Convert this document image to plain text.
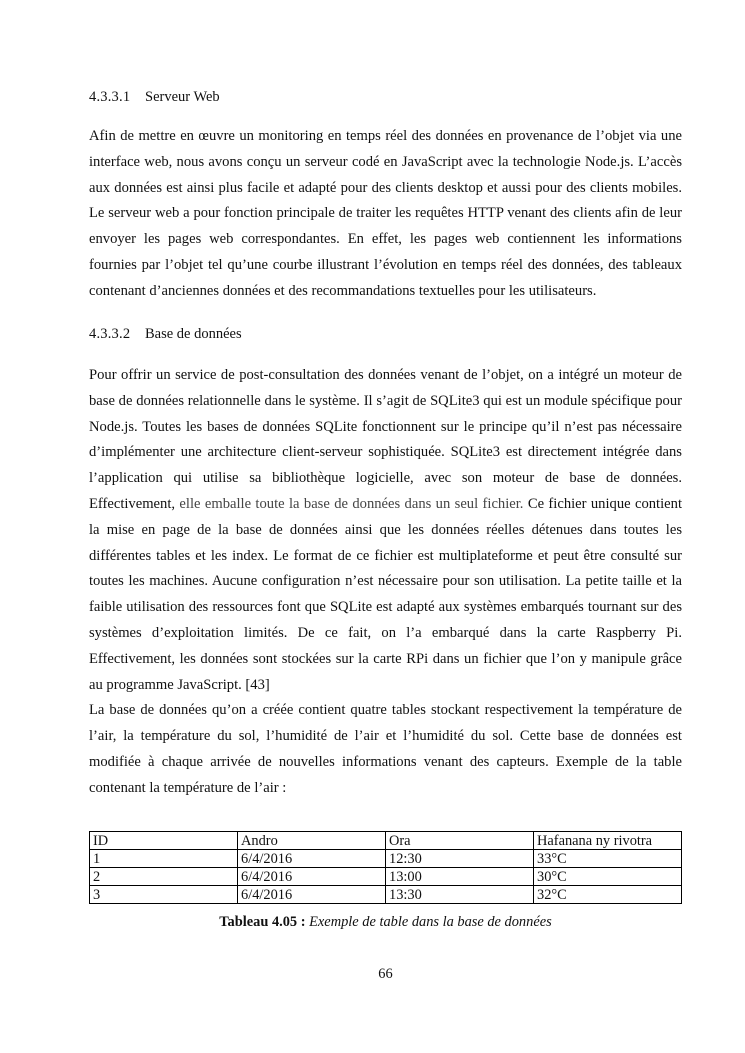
4.3.3.1 Serveur Web

Afin de mettre en œuvre un monitoring en temps réel des données en provenance de l’objet via une interface web, nous avons conçu un serveur codé en JavaScript avec la technologie Node.js. L’accès aux données est ainsi plus facile et adapté pour des clients desktop et aussi pour des clients mobiles. Le serveur web a pour fonction principale de traiter les requêtes HTTP venant des clients afin de leur envoyer les pages web correspondantes. En effet, les pages web contiennent les informations fournies par l’objet tel qu’une courbe illustrant l’évolution en temps réel des données, des tableaux contenant d’anciennes données et des recommandations textuelles pour les utilisateurs.

4.3.3.2 Base de données

Pour offrir un service de post-consultation des données venant de l’objet, on a intégré un moteur de base de données relationnelle dans le système. Il s’agit de SQLite3 qui est un module spécifique pour Node.js. Toutes les bases de données SQLite fonctionnent sur le principe qu’il n’est pas nécessaire d’implémenter une architecture client-serveur sophistiquée. SQLite3 est directement intégrée dans l’application qui utilise sa bibliothèque logicielle, avec son moteur de base de données. Effectivement, elle emballe toute la base de données dans un seul fichier. Ce fichier unique contient la mise en page de la base de données ainsi que les données réelles détenues dans toutes les différentes tables et les index. Le format de ce fichier est multiplateforme et peut être consulté sur toutes les machines. Aucune configuration n’est nécessaire pour son utilisation. La petite taille et la faible utilisation des ressources font que SQLite est adapté aux systèmes embarqués tournant sur des systèmes d’exploitation limités. De ce fait, on l’a embarqué dans la carte Raspberry Pi. Effectivement, les données sont stockées sur la carte RPi dans un fichier que l’on y manipule grâce au programme JavaScript. [43]

La base de données qu’on a créée contient quatre tables stockant respectivement la température de l’air, la température du sol, l’humidité de l’air et l’humidité du sol. Cette base de données est modifiée à chaque arrivée de nouvelles informations venant des capteurs. Exemple de la table contenant la température de l’air :

ID	Andro	Ora	Hafanana ny rivotra
1	6/4/2016	12:30	33°C
2	6/4/2016	13:00	30°C
3	6/4/2016	13:30	32°C
Tableau 4.05 : Exemple de table dans la base de données
66
